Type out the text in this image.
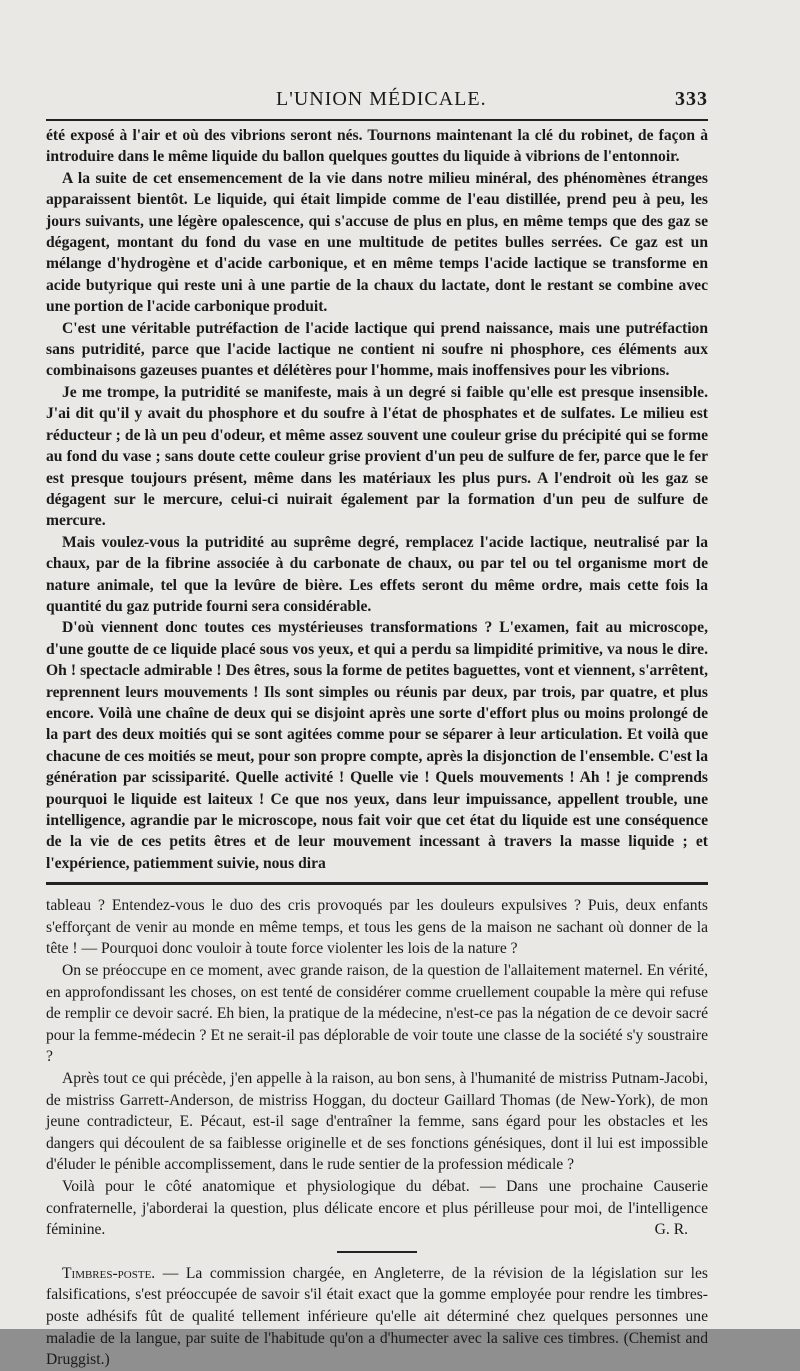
L'UNION MÉDICALE.	333

été exposé à l'air et où des vibrions seront nés. Tournons maintenant la clé du robinet, de façon à introduire dans le même liquide du ballon quelques gouttes du liquide à vibrions de l'entonnoir.

A la suite de cet ensemencement de la vie dans notre milieu minéral, des phénomènes étranges apparaissent bientôt. Le liquide, qui était limpide comme de l'eau distillée, prend peu à peu, les jours suivants, une légère opalescence, qui s'accuse de plus en plus, en même temps que des gaz se dégagent, montant du fond du vase en une multitude de petites bulles serrées. Ce gaz est un mélange d'hydrogène et d'acide carbonique, et en même temps l'acide lactique se transforme en acide butyrique qui reste uni à une partie de la chaux du lactate, dont le restant se combine avec une portion de l'acide carbonique produit.

C'est une véritable putréfaction de l'acide lactique qui prend naissance, mais une putréfaction sans putridité, parce que l'acide lactique ne contient ni soufre ni phosphore, ces éléments aux combinaisons gazeuses puantes et délétères pour l'homme, mais inoffensives pour les vibrions.

Je me trompe, la putridité se manifeste, mais à un degré si faible qu'elle est presque insensible. J'ai dit qu'il y avait du phosphore et du soufre à l'état de phosphates et de sulfates. Le milieu est réducteur ; de là un peu d'odeur, et même assez souvent une couleur grise du précipité qui se forme au fond du vase ; sans doute cette couleur grise provient d'un peu de sulfure de fer, parce que le fer est presque toujours présent, même dans les matériaux les plus purs. A l'endroit où les gaz se dégagent sur le mercure, celui-ci nuirait également par la formation d'un peu de sulfure de mercure.

Mais voulez-vous la putridité au suprême degré, remplacez l'acide lactique, neutralisé par la chaux, par de la fibrine associée à du carbonate de chaux, ou par tel ou tel organisme mort de nature animale, tel que la levûre de bière. Les effets seront du même ordre, mais cette fois la quantité du gaz putride fourni sera considérable.

D'où viennent donc toutes ces mystérieuses transformations ? L'examen, fait au microscope, d'une goutte de ce liquide placé sous vos yeux, et qui a perdu sa limpidité primitive, va nous le dire. Oh ! spectacle admirable ! Des êtres, sous la forme de petites baguettes, vont et viennent, s'arrêtent, reprennent leurs mouvements ! Ils sont simples ou réunis par deux, par trois, par quatre, et plus encore. Voilà une chaîne de deux qui se disjoint après une sorte d'effort plus ou moins prolongé de la part des deux moitiés qui se sont agitées comme pour se séparer à leur articulation. Et voilà que chacune de ces moitiés se meut, pour son propre compte, après la disjonction de l'ensemble. C'est la génération par scissiparité. Quelle activité ! Quelle vie ! Quels mouvements ! Ah ! je comprends pourquoi le liquide est laiteux ! Ce que nos yeux, dans leur impuissance, appellent trouble, une intelligence, agrandie par le microscope, nous fait voir que cet état du liquide est une conséquence de la vie de ces petits êtres et de leur mouvement incessant à travers la masse liquide ; et l'expérience, patiemment suivie, nous dira

tableau ? Entendez-vous le duo des cris provoqués par les douleurs expulsives ? Puis, deux enfants s'efforçant de venir au monde en même temps, et tous les gens de la maison ne sachant où donner de la tête ! — Pourquoi donc vouloir à toute force violenter les lois de la nature ?

On se préoccupe en ce moment, avec grande raison, de la question de l'allaitement maternel. En vérité, en approfondissant les choses, on est tenté de considérer comme cruellement coupable la mère qui refuse de remplir ce devoir sacré. Eh bien, la pratique de la médecine, n'est-ce pas la négation de ce devoir sacré pour la femme-médecin ? Et ne serait-il pas déplorable de voir toute une classe de la société s'y soustraire ?

Après tout ce qui précède, j'en appelle à la raison, au bon sens, à l'humanité de mistriss Putnam-Jacobi, de mistriss Garrett-Anderson, de mistriss Hoggan, du docteur Gaillard Thomas (de New-York), de mon jeune contradicteur, E. Pécaut, est-il sage d'entraîner la femme, sans égard pour les obstacles et les dangers qui découlent de sa faiblesse originelle et de ses fonctions génésiques, dont il lui est impossible d'éluder le pénible accomplissement, dans le rude sentier de la profession médicale ?

Voilà pour le côté anatomique et physiologique du débat. — Dans une prochaine Causerie confraternelle, j'aborderai la question, plus délicate encore et plus périlleuse pour moi, de l'intelligence féminine.	G. R.

Timbres-poste. — La commission chargée, en Angleterre, de la révision de la législation sur les falsifications, s'est préoccupée de savoir s'il était exact que la gomme employée pour rendre les timbres-poste adhésifs fût de qualité tellement inférieure qu'elle ait déterminé chez quelques personnes une maladie de la langue, par suite de l'habitude qu'on a d'humecter avec la salive ces timbres. (Chemist and Druggist.)
